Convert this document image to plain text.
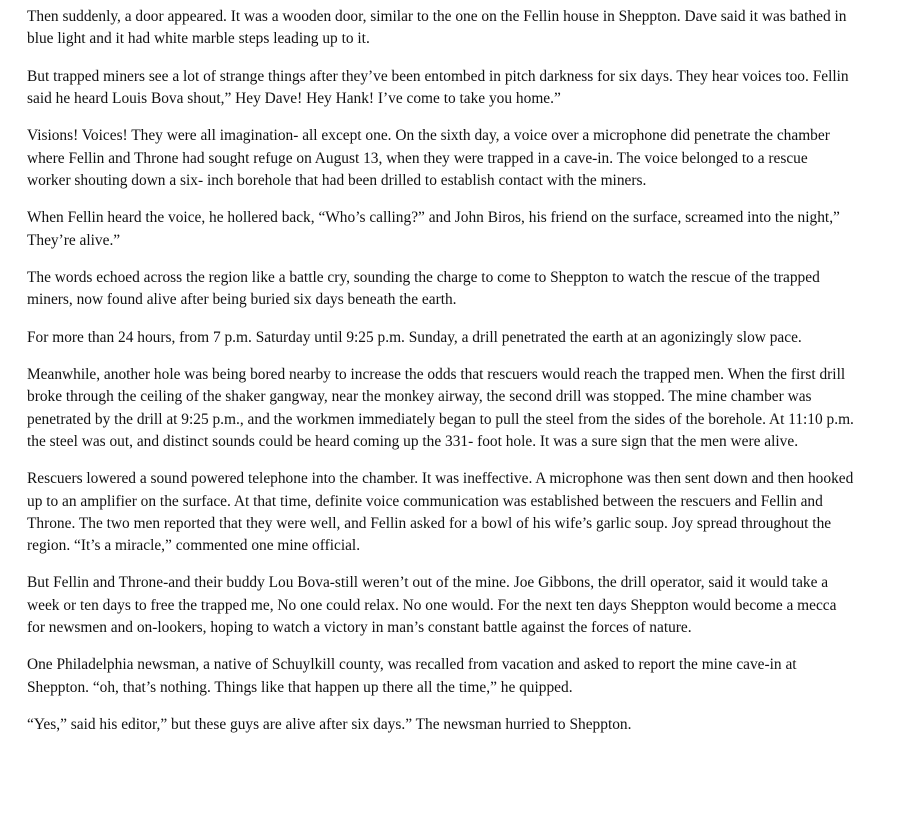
Then suddenly, a door appeared. It was a wooden door, similar to the one on the Fellin house in Sheppton. Dave said it was bathed in blue light and it had white marble steps leading up to it.

But trapped miners see a lot of strange things after they’ve been entombed in pitch darkness for six days. They hear voices too. Fellin said he heard Louis Bova shout,” Hey Dave! Hey Hank! I’ve come to take you home.”

Visions! Voices! They were all imagination- all except one. On the sixth day, a voice over a microphone did penetrate the chamber where Fellin and Throne had sought refuge on August 13, when they were trapped in a cave-in. The voice belonged to a rescue worker shouting down a six- inch borehole that had been drilled to establish contact with the miners.

When Fellin heard the voice, he hollered back, “Who’s calling?” and John Biros, his friend on the surface, screamed into the night,” They’re alive.”

The words echoed across the region like a battle cry, sounding the charge to come to Sheppton to watch the rescue of the trapped miners, now found alive after being buried six days beneath the earth.

For more than 24 hours, from 7 p.m. Saturday until 9:25 p.m. Sunday, a drill penetrated the earth at an agonizingly slow pace.

Meanwhile, another hole was being bored nearby to increase the odds that rescuers would reach the trapped men. When the first drill broke through the ceiling of the shaker gangway, near the monkey airway, the second drill was stopped. The mine chamber was penetrated by the drill at 9:25 p.m., and the workmen immediately began to pull the steel from the sides of the borehole. At 11:10 p.m. the steel was out, and distinct sounds could be heard coming up the 331- foot hole. It was a sure sign that the men were alive.

Rescuers lowered a sound powered telephone into the chamber. It was ineffective. A microphone was then sent down and then hooked up to an amplifier on the surface. At that time, definite voice communication was established between the rescuers and Fellin and Throne. The two men reported that they were well, and Fellin asked for a bowl of his wife’s garlic soup. Joy spread throughout the region. “It’s a miracle,” commented one mine official.

But Fellin and Throne-and their buddy Lou Bova-still weren’t out of the mine. Joe Gibbons, the drill operator, said it would take a week or ten days to free the trapped me, No one could relax. No one would. For the next ten days Sheppton would become a mecca for newsmen and on-lookers, hoping to watch a victory in man’s constant battle against the forces of nature.

One Philadelphia newsman, a native of Schuylkill county, was recalled from vacation and asked to report the mine cave-in at Sheppton. “oh, that’s nothing. Things like that happen up there all the time,” he quipped.

“Yes,” said his editor,” but these guys are alive after six days.” The newsman hurried to Sheppton.
